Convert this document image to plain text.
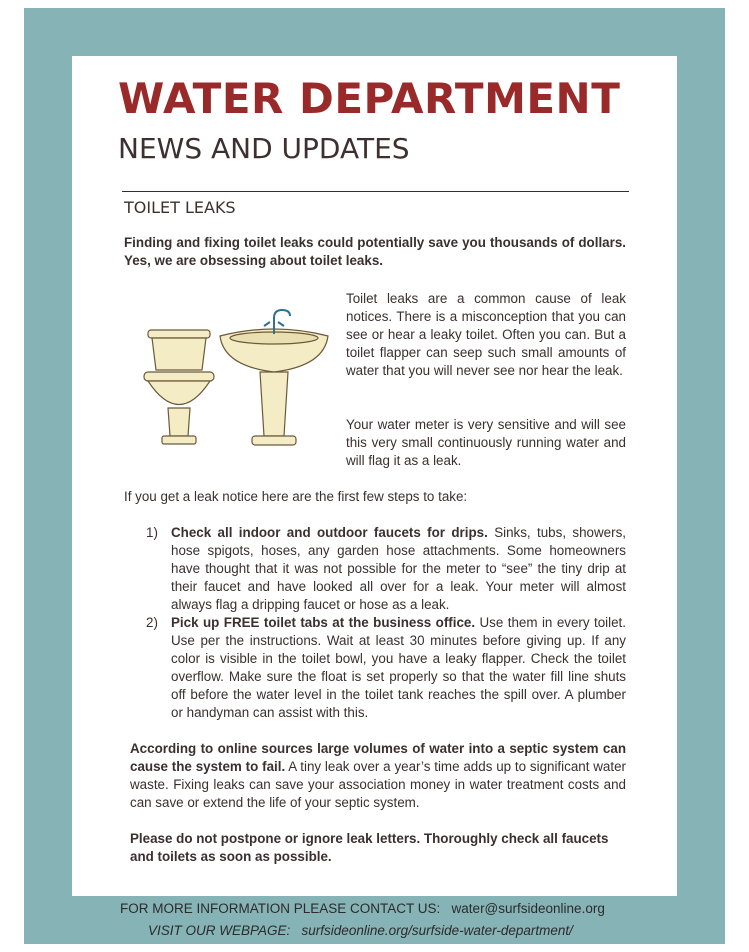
WATER DEPARTMENT
NEWS AND UPDATES
TOILET LEAKS
Finding and fixing toilet leaks could potentially save you thousands of dollars. Yes, we are obsessing about toilet leaks.
Toilet leaks are a common cause of leak notices. There is a misconception that you can see or hear a leaky toilet. Often you can. But a toilet flapper can seep such small amounts of water that you will never see nor hear the leak.
Your water meter is very sensitive and will see this very small continuously running water and will flag it as a leak.
If you get a leak notice here are the first few steps to take:
1) Check all indoor and outdoor faucets for drips. Sinks, tubs, showers, hose spigots, hoses, any garden hose attachments. Some homeowners have thought that it was not possible for the meter to “see” the tiny drip at their faucet and have looked all over for a leak. Your meter will almost always flag a dripping faucet or hose as a leak.
2) Pick up FREE toilet tabs at the business office. Use them in every toilet. Use per the instructions. Wait at least 30 minutes before giving up. If any color is visible in the toilet bowl, you have a leaky flapper. Check the toilet overflow. Make sure the float is set properly so that the water fill line shuts off before the water level in the toilet tank reaches the spill over. A plumber or handyman can assist with this.
According to online sources large volumes of water into a septic system can cause the system to fail. A tiny leak over a year’s time adds up to significant water waste. Fixing leaks can save your association money in water treatment costs and can save or extend the life of your septic system.
Please do not postpone or ignore leak letters. Thoroughly check all faucets and toilets as soon as possible.
FOR MORE INFORMATION PLEASE CONTACT US: water@surfsideonline.org
VISIT OUR WEBPAGE: surfsideonline.org/surfside-water-department/
